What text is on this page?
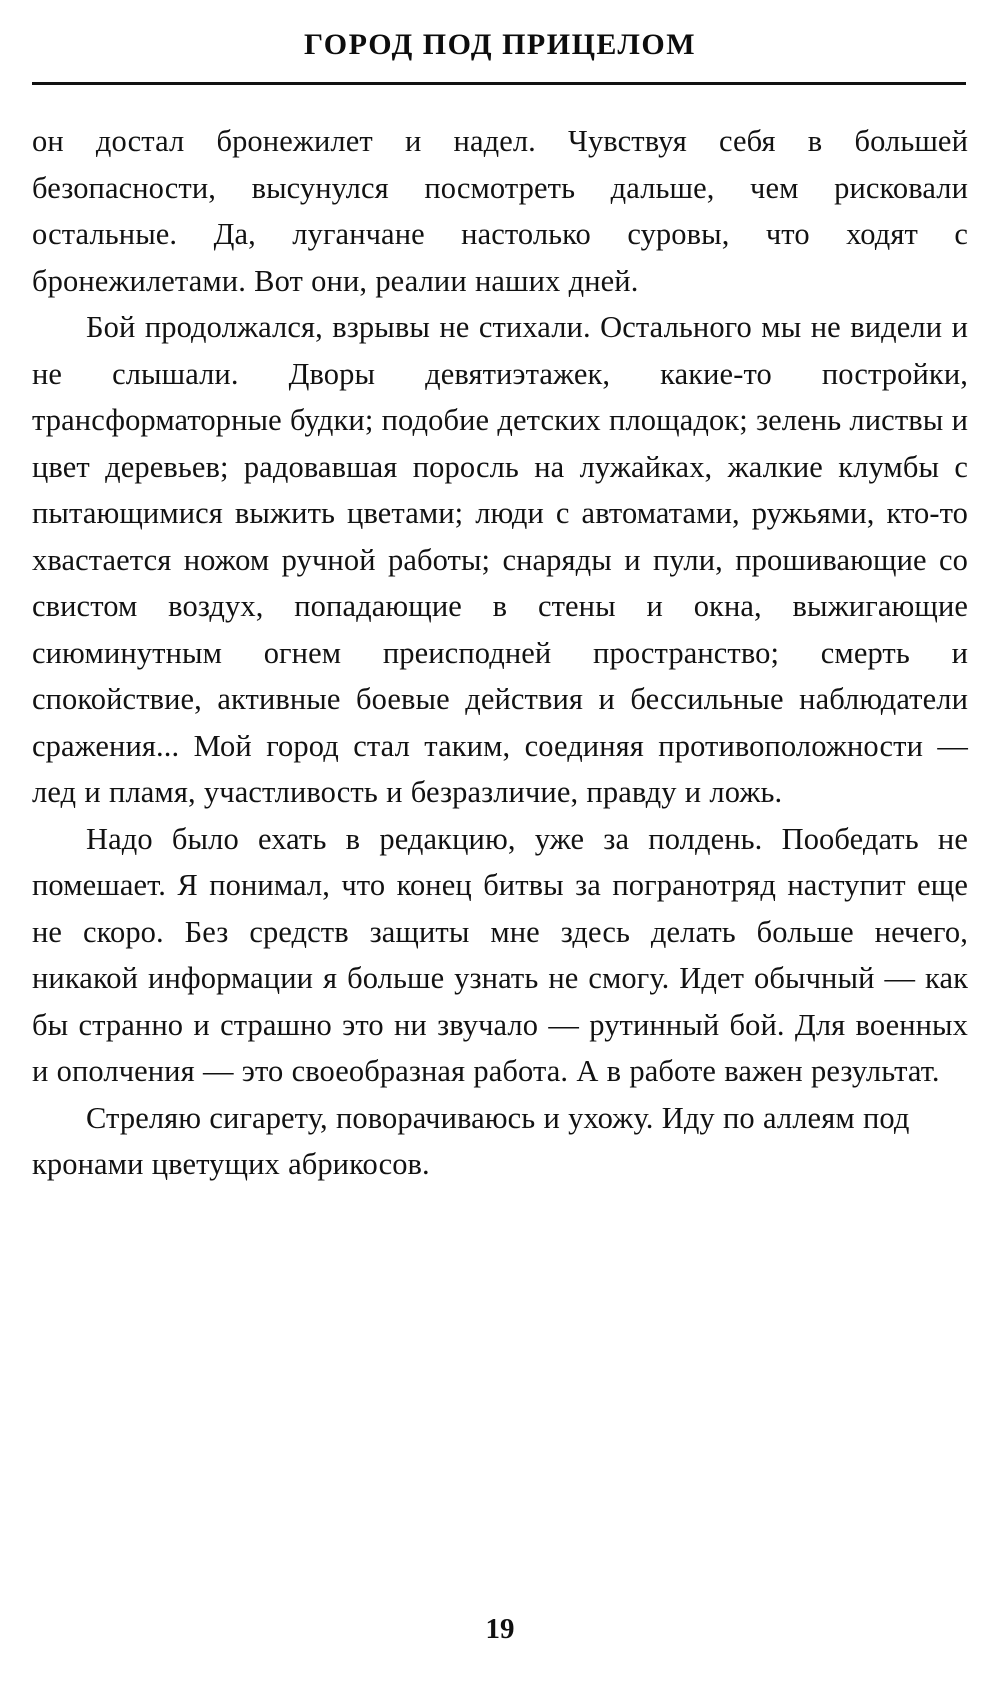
ГОРОД ПОД ПРИЦЕЛОМ

он достал бронежилет и надел. Чувствуя себя в большей безопасности, высунулся посмотреть дальше, чем рисковали остальные. Да, луганчане настолько суровы, что ходят с бронежилетами. Вот они, реалии наших дней.

Бой продолжался, взрывы не стихали. Остального мы не видели и не слышали. Дворы девятиэтажек, какие-то постройки, трансформаторные будки; подобие детских площадок; зелень листвы и цвет деревьев; радовавшая поросль на лужайках, жалкие клумбы с пытающимися выжить цветами; люди с автоматами, ружьями, кто-то хвастается ножом ручной работы; снаряды и пули, прошивающие со свистом воздух, попадающие в стены и окна, выжигающие сиюминутным огнем преисподней пространство; смерть и спокойствие, активные боевые действия и бессильные наблюдатели сражения... Мой город стал таким, соединяя противоположности — лед и пламя, участливость и безразличие, правду и ложь.

Надо было ехать в редакцию, уже за полдень. Пообедать не помешает. Я понимал, что конец битвы за погранотряд наступит еще не скоро. Без средств защиты мне здесь делать больше нечего, никакой информации я больше узнать не смогу. Идет обычный — как бы странно и страшно это ни звучало — рутинный бой. Для военных и ополчения — это своеобразная работа. А в работе важен результат.

Стреляю сигарету, поворачиваюсь и ухожу. Иду по аллеям под кронами цветущих абрикосов.

19
